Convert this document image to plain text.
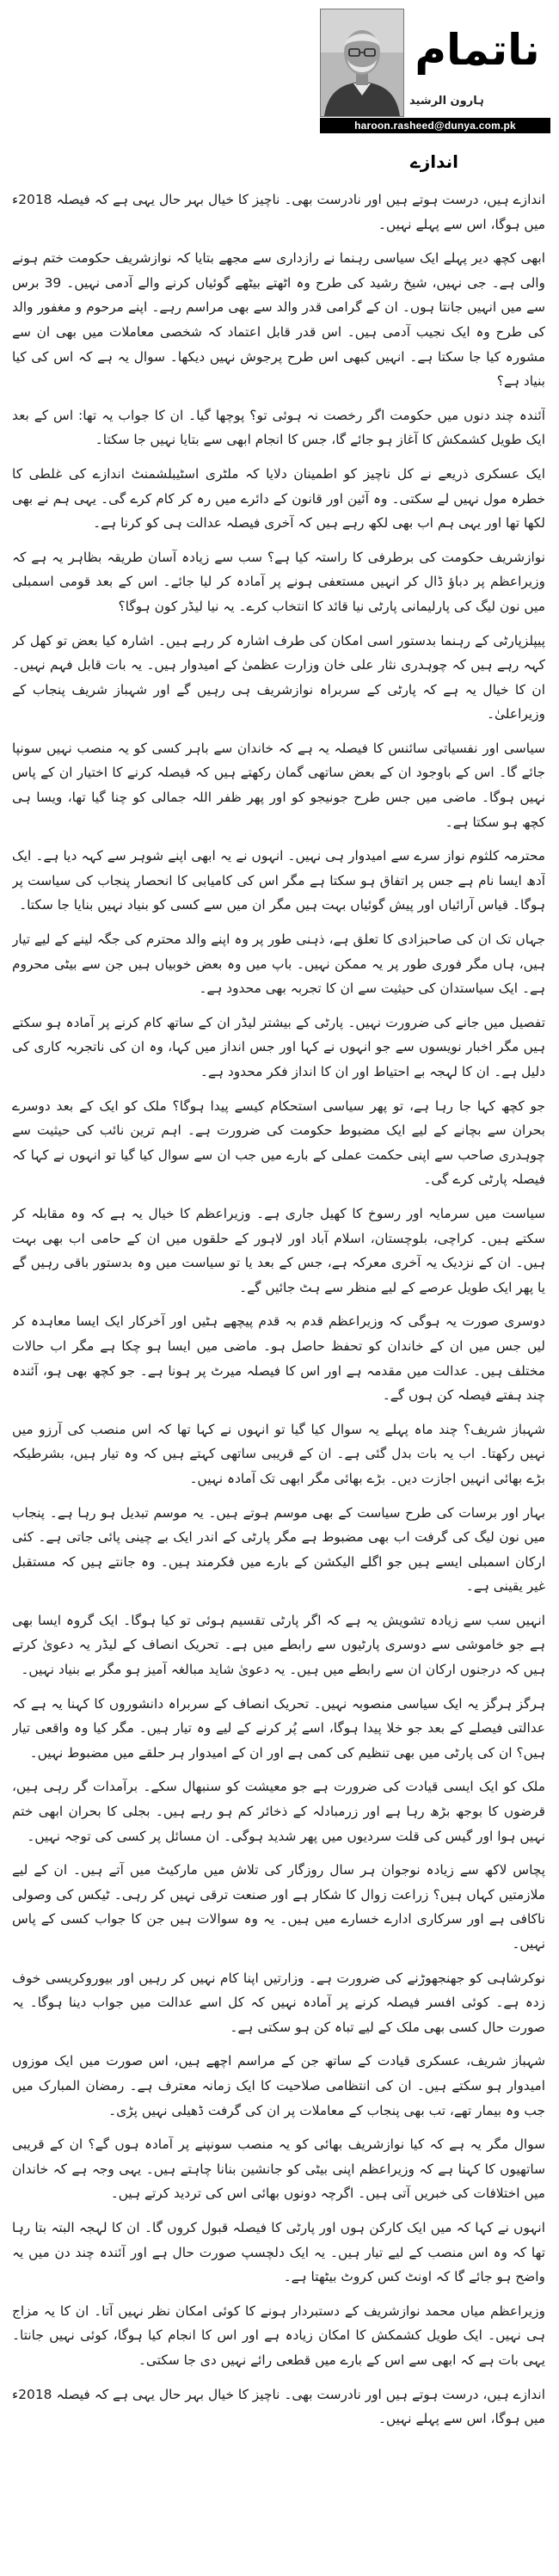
ناتمام
ہارون الرشید
haroon.rasheed@dunya.com.pk
اندازے

اندازے ہیں، درست ہوتے ہیں اور نادرست بھی۔ ناچیز کا خیال بہر حال یہی ہے کہ فیصلہ 2018ء میں ہوگا، اس سے پہلے نہیں۔

ابھی کچھ دیر پہلے ایک سیاسی رہنما نے رازداری سے مجھے بتایا کہ نوازشریف حکومت ختم ہونے والی ہے۔ جی نہیں، شیخ رشید کی طرح وہ اٹھتے بیٹھے گوئیاں کرنے والے آدمی نہیں۔ 39 برس سے میں انہیں جانتا ہوں۔ ان کے گرامی قدر والد سے بھی مراسم رہے۔ اپنے مرحوم و مغفور والد کی طرح وہ ایک نجیب آدمی ہیں۔ اس قدر قابل اعتماد کہ شخصی معاملات میں بھی ان سے مشورہ کیا جا سکتا ہے۔ انہیں کبھی اس طرح پرجوش نہیں دیکھا۔ سوال یہ ہے کہ اس کی کیا بنیاد ہے؟

آئندہ چند دنوں میں حکومت اگر رخصت نہ ہوئی تو؟ پوچھا گیا۔ ان کا جواب یہ تھا: اس کے بعد ایک طویل کشمکش کا آغاز ہو جائے گا، جس کا انجام ابھی سے بتایا نہیں جا سکتا۔

ایک عسکری ذریعے نے کل ناچیز کو اطمینان دلایا کہ ملٹری اسٹیبلشمنٹ اندازے کی غلطی کا خطرہ مول نہیں لے سکتی۔ وہ آئین اور قانون کے دائرے میں رہ کر کام کرے گی۔ یہی ہم نے بھی لکھا تھا اور یہی ہم اب بھی لکھ رہے ہیں کہ آخری فیصلہ عدالت ہی کو کرنا ہے۔

نوازشریف حکومت کی برطرفی کا راستہ کیا ہے؟ سب سے زیادہ آسان طریقہ بظاہر یہ ہے کہ وزیراعظم پر دباؤ ڈال کر انہیں مستعفی ہونے پر آمادہ کر لیا جائے۔ اس کے بعد قومی اسمبلی میں نون لیگ کی پارلیمانی پارٹی نیا قائد کا انتخاب کرے۔ یہ نیا لیڈر کون ہوگا؟

پیپلزپارٹی کے رہنما بدستور اسی امکان کی طرف اشارہ کر رہے ہیں۔ اشارہ کیا بعض تو کھل کر کہہ رہے ہیں کہ چوہدری نثار علی خان وزارت عظمیٰ کے امیدوار ہیں۔ یہ بات قابل فہم نہیں۔ ان کا خیال یہ ہے کہ پارٹی کے سربراہ نوازشریف ہی رہیں گے اور شہباز شریف پنجاب کے وزیراعلیٰ۔

سیاسی اور نفسیاتی سائنس کا فیصلہ یہ ہے کہ خاندان سے باہر کسی کو یہ منصب نہیں سونپا جائے گا۔ اس کے باوجود ان کے بعض ساتھی گمان رکھتے ہیں کہ فیصلہ کرنے کا اختیار ان کے پاس نہیں ہوگا۔ ماضی میں جس طرح جونیجو کو اور پھر ظفر اللہ جمالی کو چنا گیا تھا، ویسا ہی کچھ ہو سکتا ہے۔

محترمہ کلثوم نواز سرے سے امیدوار ہی نہیں۔ انہوں نے یہ ابھی اپنے شوہر سے کہہ دیا ہے۔ ایک آدھ ایسا نام ہے جس پر اتفاق ہو سکتا ہے مگر اس کی کامیابی کا انحصار پنجاب کی سیاست پر ہوگا۔ قیاس آرائیاں اور پیش گوئیاں بہت ہیں مگر ان میں سے کسی کو بنیاد نہیں بنایا جا سکتا۔

جہاں تک ان کی صاحبزادی کا تعلق ہے، ذہنی طور پر وہ اپنے والد محترم کی جگہ لینے کے لیے تیار ہیں، ہاں مگر فوری طور پر یہ ممکن نہیں۔ باپ میں وہ بعض خوبیاں ہیں جن سے بیٹی محروم ہے۔ ایک سیاستدان کی حیثیت سے ان کا تجربہ بھی محدود ہے۔

تفصیل میں جانے کی ضرورت نہیں۔ پارٹی کے بیشتر لیڈر ان کے ساتھ کام کرنے پر آمادہ ہو سکتے ہیں مگر اخبار نویسوں سے جو انہوں نے کہا اور جس انداز میں کہا، وہ ان کی ناتجربہ کاری کی دلیل ہے۔ ان کا لہجہ بے احتیاط اور ان کا انداز فکر محدود ہے۔

جو کچھ کہا جا رہا ہے، تو پھر سیاسی استحکام کیسے پیدا ہوگا؟ ملک کو ایک کے بعد دوسرے بحران سے بچانے کے لیے ایک مضبوط حکومت کی ضرورت ہے۔ اہم ترین نائب کی حیثیت سے چوہدری صاحب سے اپنی حکمت عملی کے بارے میں جب ان سے سوال کیا گیا تو انہوں نے کہا کہ فیصلہ پارٹی کرے گی۔

سیاست میں سرمایہ اور رسوخ کا کھیل جاری ہے۔ وزیراعظم کا خیال یہ ہے کہ وہ مقابلہ کر سکتے ہیں۔ کراچی، بلوچستان، اسلام آباد اور لاہور کے حلقوں میں ان کے حامی اب بھی بہت ہیں۔ ان کے نزدیک یہ آخری معرکہ ہے، جس کے بعد یا تو سیاست میں وہ بدستور باقی رہیں گے یا پھر ایک طویل عرصے کے لیے منظر سے ہٹ جائیں گے۔

دوسری صورت یہ ہوگی کہ وزیراعظم قدم بہ قدم پیچھے ہٹیں اور آخرکار ایک ایسا معاہدہ کر لیں جس میں ان کے خاندان کو تحفظ حاصل ہو۔ ماضی میں ایسا ہو چکا ہے مگر اب حالات مختلف ہیں۔ عدالت میں مقدمہ ہے اور اس کا فیصلہ میرٹ پر ہونا ہے۔ جو کچھ بھی ہو، آئندہ چند ہفتے فیصلہ کن ہوں گے۔

شہباز شریف؟ چند ماہ پہلے یہ سوال کیا گیا تو انہوں نے کہا تھا کہ اس منصب کی آرزو میں نہیں رکھتا۔ اب یہ بات بدل گئی ہے۔ ان کے قریبی ساتھی کہتے ہیں کہ وہ تیار ہیں، بشرطیکہ بڑے بھائی انہیں اجازت دیں۔ بڑے بھائی مگر ابھی تک آمادہ نہیں۔

بہار اور برسات کی طرح سیاست کے بھی موسم ہوتے ہیں۔ یہ موسم تبدیل ہو رہا ہے۔ پنجاب میں نون لیگ کی گرفت اب بھی مضبوط ہے مگر پارٹی کے اندر ایک بے چینی پائی جاتی ہے۔ کئی ارکان اسمبلی ایسے ہیں جو اگلے الیکشن کے بارے میں فکرمند ہیں۔ وہ جانتے ہیں کہ مستقبل غیر یقینی ہے۔

انہیں سب سے زیادہ تشویش یہ ہے کہ اگر پارٹی تقسیم ہوئی تو کیا ہوگا۔ ایک گروہ ایسا بھی ہے جو خاموشی سے دوسری پارٹیوں سے رابطے میں ہے۔ تحریک انصاف کے لیڈر یہ دعویٰ کرتے ہیں کہ درجنوں ارکان ان سے رابطے میں ہیں۔ یہ دعویٰ شاید مبالغہ آمیز ہو مگر بے بنیاد نہیں۔

ہرگز ہرگز یہ ایک سیاسی منصوبہ نہیں۔ تحریک انصاف کے سربراہ دانشوروں کا کہنا یہ ہے کہ عدالتی فیصلے کے بعد جو خلا پیدا ہوگا، اسے پُر کرنے کے لیے وہ تیار ہیں۔ مگر کیا وہ واقعی تیار ہیں؟ ان کی پارٹی میں بھی تنظیم کی کمی ہے اور ان کے امیدوار ہر حلقے میں مضبوط نہیں۔

ملک کو ایک ایسی قیادت کی ضرورت ہے جو معیشت کو سنبھال سکے۔ برآمدات گر رہی ہیں، قرضوں کا بوجھ بڑھ رہا ہے اور زرمبادلہ کے ذخائر کم ہو رہے ہیں۔ بجلی کا بحران ابھی ختم نہیں ہوا اور گیس کی قلت سردیوں میں پھر شدید ہوگی۔ ان مسائل پر کسی کی توجہ نہیں۔

پچاس لاکھ سے زیادہ نوجوان ہر سال روزگار کی تلاش میں مارکیٹ میں آتے ہیں۔ ان کے لیے ملازمتیں کہاں ہیں؟ زراعت زوال کا شکار ہے اور صنعت ترقی نہیں کر رہی۔ ٹیکس کی وصولی ناکافی ہے اور سرکاری ادارے خسارے میں ہیں۔ یہ وہ سوالات ہیں جن کا جواب کسی کے پاس نہیں۔

نوکرشاہی کو جھنجھوڑنے کی ضرورت ہے۔ وزارتیں اپنا کام نہیں کر رہیں اور بیوروکریسی خوف زدہ ہے۔ کوئی افسر فیصلہ کرنے پر آمادہ نہیں کہ کل اسے عدالت میں جواب دینا ہوگا۔ یہ صورت حال کسی بھی ملک کے لیے تباہ کن ہو سکتی ہے۔

شہباز شریف، عسکری قیادت کے ساتھ جن کے مراسم اچھے ہیں، اس صورت میں ایک موزوں امیدوار ہو سکتے ہیں۔ ان کی انتظامی صلاحیت کا ایک زمانہ معترف ہے۔ رمضان المبارک میں جب وہ بیمار تھے، تب بھی پنجاب کے معاملات پر ان کی گرفت ڈھیلی نہیں پڑی۔

سوال مگر یہ ہے کہ کیا نوازشریف بھائی کو یہ منصب سونپنے پر آمادہ ہوں گے؟ ان کے قریبی ساتھیوں کا کہنا ہے کہ وزیراعظم اپنی بیٹی کو جانشین بنانا چاہتے ہیں۔ یہی وجہ ہے کہ خاندان میں اختلافات کی خبریں آتی ہیں۔ اگرچہ دونوں بھائی اس کی تردید کرتے ہیں۔

انہوں نے کہا کہ میں ایک کارکن ہوں اور پارٹی کا فیصلہ قبول کروں گا۔ ان کا لہجہ البتہ بتا رہا تھا کہ وہ اس منصب کے لیے تیار ہیں۔ یہ ایک دلچسپ صورت حال ہے اور آئندہ چند دن میں یہ واضح ہو جائے گا کہ اونٹ کس کروٹ بیٹھتا ہے۔

وزیراعظم میاں محمد نوازشریف کے دستبردار ہونے کا کوئی امکان نظر نہیں آتا۔ ان کا یہ مزاج ہی نہیں۔ ایک طویل کشمکش کا امکان زیادہ ہے اور اس کا انجام کیا ہوگا، کوئی نہیں جانتا۔ یہی بات ہے کہ ابھی سے اس کے بارے میں قطعی رائے نہیں دی جا سکتی۔

اندازے ہیں، درست ہوتے ہیں اور نادرست بھی۔ ناچیز کا خیال بہر حال یہی ہے کہ فیصلہ 2018ء میں ہوگا، اس سے پہلے نہیں۔
